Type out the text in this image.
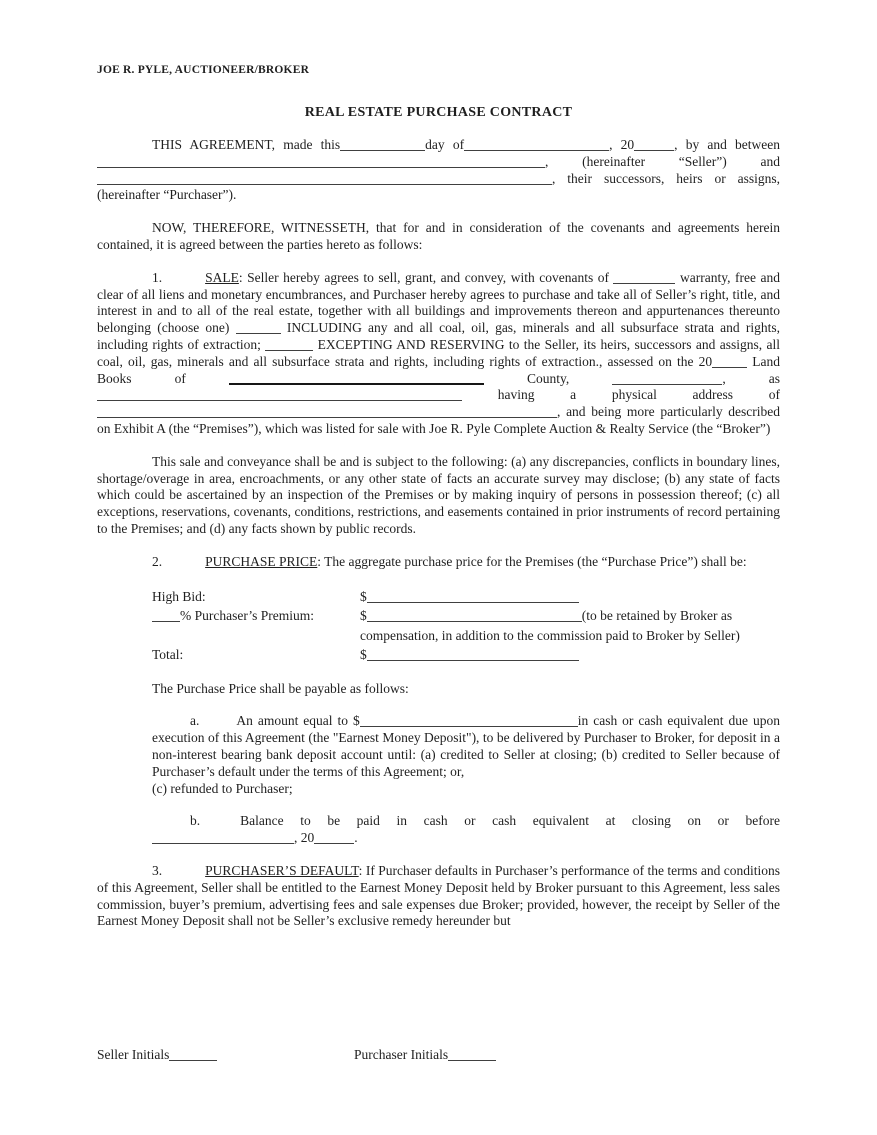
JOE R. PYLE, AUCTIONEER/BROKER
REAL ESTATE PURCHASE CONTRACT

THIS AGREEMENT, made this	day of	, 20	, by and between , (hereinafter “Seller”) and , their successors, heirs or assigns, (hereinafter “Purchaser”).

NOW, THEREFORE, WITNESSETH, that for and in consideration of the covenants and agreements herein contained, it is agreed between the parties hereto as follows:

1.	SALE: Seller hereby agrees to sell, grant, and convey, with covenants of	warranty, free and clear of all liens and monetary encumbrances, and Purchaser hereby agrees to purchase and take all of Seller’s right, title, and interest in and to all of the real estate, together with all buildings and improvements thereon and appurtenances thereunto belonging (choose one)	INCLUDING any and all coal, oil, gas, minerals and all subsurface strata and rights, including rights of extraction;	EXCEPTING AND RESERVING to the Seller, its heirs, successors and assigns, all coal, oil, gas, minerals and all subsurface strata and rights, including rights of extraction., assessed on the 20	Land Books of	County,	, as having a physical address of, and being more particularly described on Exhibit A (the “Premises”), which was listed for sale with Joe R. Pyle Complete Auction & Realty Service (the “Broker”)

This sale and conveyance shall be and is subject to the following: (a) any discrepancies, conflicts in boundary lines, shortage/overage in area, encroachments, or any other state of facts an accurate survey may disclose; (b) any state of facts which could be ascertained by an inspection of the Premises or by making inquiry of persons in possession thereof; (c) all exceptions, reservations, covenants, conditions, restrictions, and easements contained in prior instruments of record pertaining to the Premises; and (d) any facts shown by public records.

2.	PURCHASE PRICE: The aggregate purchase price for the Premises (the “Purchase Price”) shall be:

High Bid:	$
% Purchaser’s Premium:	$	(to be retained by Broker as compensation, in addition to the commission paid to Broker by Seller)
Total:	$

The Purchase Price shall be payable as follows:

a.	An amount equal to $	in cash or cash equivalent due upon execution of this Agreement (the "Earnest Money Deposit"), to be delivered by Purchaser to Broker, for deposit in a non-interest bearing bank deposit account until: (a) credited to Seller at closing; (b) credited to Seller because of Purchaser’s default under the terms of this Agreement; or,
(c) refunded to Purchaser;
b.	Balance to be paid in cash or cash equivalent at closing on or before
, 20	.

3.	PURCHASER’S DEFAULT: If Purchaser defaults in Purchaser’s performance of the terms and conditions of this Agreement, Seller shall be entitled to the Earnest Money Deposit held by Broker pursuant to this Agreement, less sales commission, buyer’s premium, advertising fees and sale expenses due Broker; provided, however, the receipt by Seller of the Earnest Money Deposit shall not be Seller’s exclusive remedy hereunder but

Seller Initials	Purchaser Initials
